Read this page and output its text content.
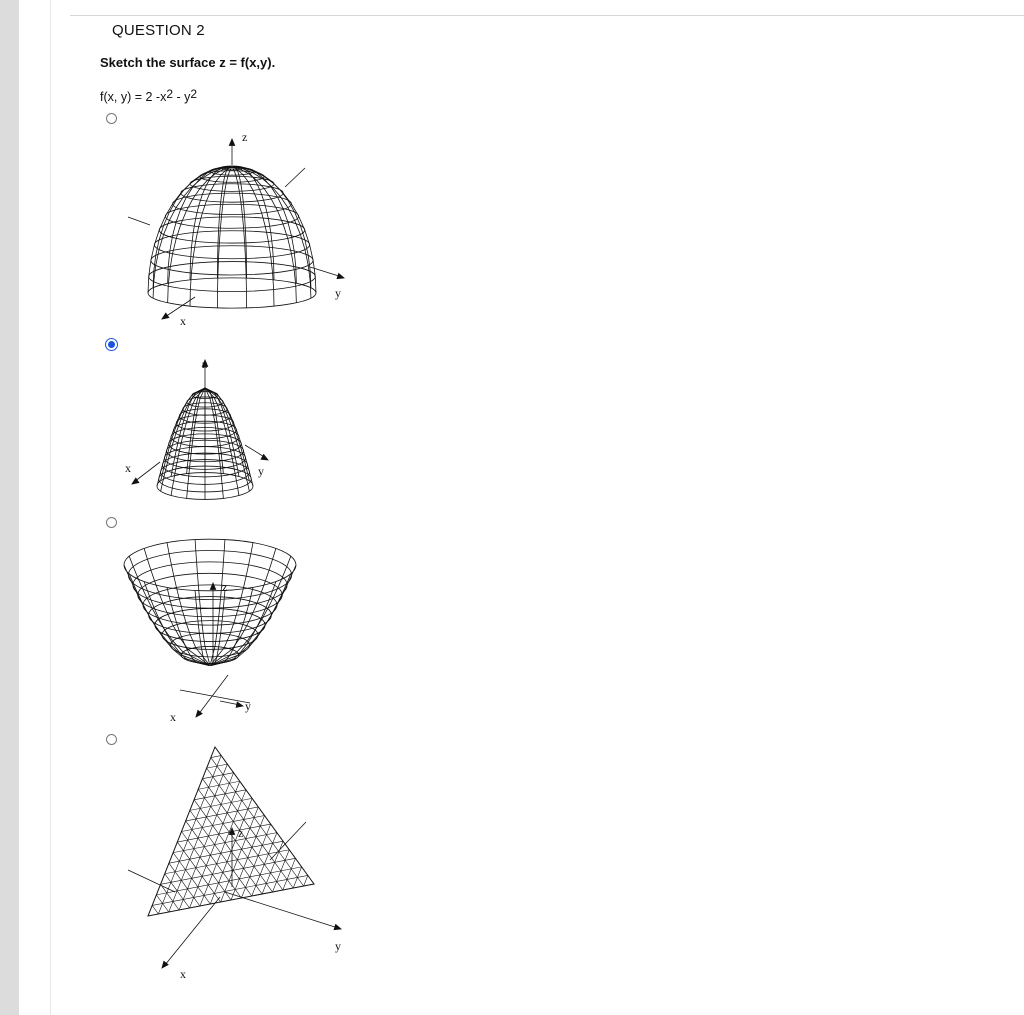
QUESTION 2
Sketch the surface z = f(x,y).
f(x, y) = 2 $-x^2 - y^2$
z
y
x
z
x	y
z
y
x
z
y
x
